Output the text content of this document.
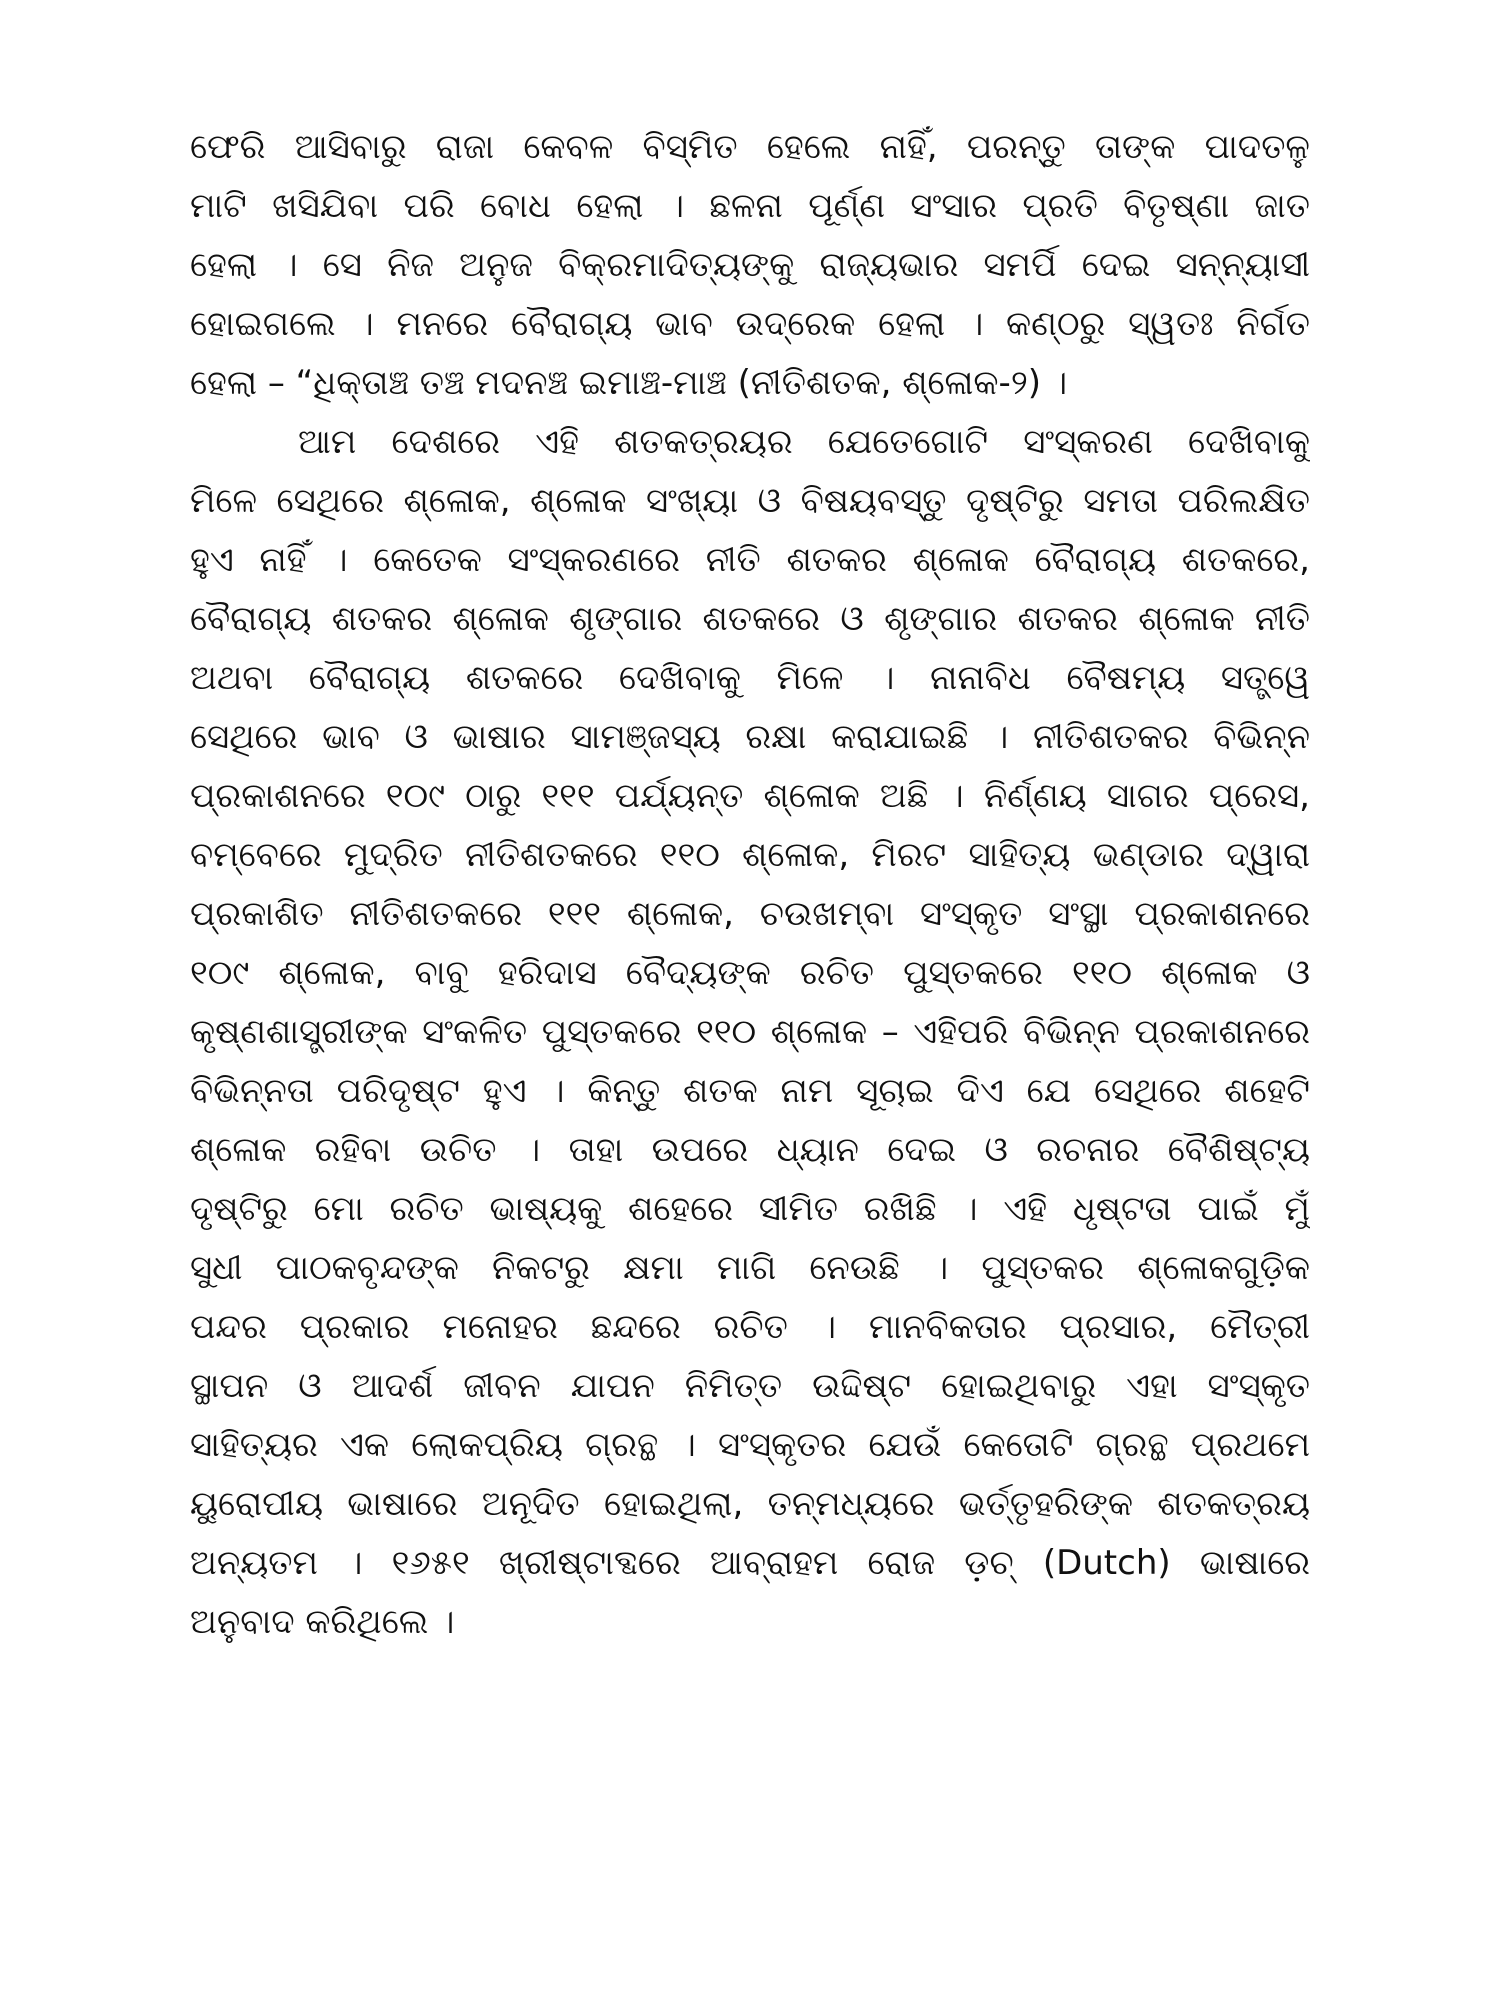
ଫେରି ଆସିବାରୁ ରାଜା କେବଳ ବିସ୍ମିତ ହେଲେ ନାହିଁ, ପରନ୍ତୁ ତାଙ୍କ ପାଦତଳୁ
ମାଟି ଖସିଯିବା ପରି ବୋଧ ହେଲା । ଛଳନା ପୂର୍ଣ୍ଣ ସଂସାର ପ୍ରତି ବିତୃଷ୍ଣା ଜାତ
ହେଲା । ସେ ନିଜ ଅନୁଜ ବିକ୍ରମାଦିତ୍ୟଙ୍କୁ ରାଜ୍ୟଭାର ସମର୍ପି ଦେଇ ସନ୍ନ୍ୟାସୀ
ହୋଇଗଲେ । ମନରେ ବୈରାଗ୍ୟ ଭାବ ଉଦ୍ରେକ ହେଲା । କଣ୍ଠରୁ ସ୍ୱତଃ ନିର୍ଗତ
ହେଲା – “ଧିକ୍‌ତାଞ୍ଚ ତଞ୍ଚ ମଦନଞ୍ଚ ଇମାଞ୍ଚ-ମାଞ୍ଚ (ନୀତିଶତକ, ଶ୍ଳୋକ-୨) ।
ଆମ ଦେଶରେ ଏହି ଶତକତ୍ରୟର ଯେତେଗୋଟି ସଂସ୍କରଣ ଦେଖିବାକୁ
ମିଳେ ସେଥିରେ ଶ୍ଳୋକ, ଶ୍ଳୋକ ସଂଖ୍ୟା ଓ ବିଷୟବସ୍ତୁ ଦୃଷ୍ଟିରୁ ସମତା ପରିଲକ୍ଷିତ
ହୁଏ ନାହିଁ । କେତେକ ସଂସ୍କରଣରେ ନୀତି ଶତକର ଶ୍ଳୋକ ବୈରାଗ୍ୟ ଶତକରେ,
ବୈରାଗ୍ୟ ଶତକର ଶ୍ଳୋକ ଶୃଙ୍ଗାର ଶତକରେ ଓ ଶୃଙ୍ଗାର ଶତକର ଶ୍ଳୋକ ନୀତି
ଅଥବା ବୈରାଗ୍ୟ ଶତକରେ ଦେଖିବାକୁ ମିଳେ । ନାନାବିଧ ବୈଷମ୍ୟ ସତ୍ତ୍ୱେ
ସେଥିରେ ଭାବ ଓ ଭାଷାର ସାମଞ୍ଜସ୍ୟ ରକ୍ଷା କରାଯାଇଛି । ନୀତିଶତକର ବିଭିନ୍ନ
ପ୍ରକାଶନରେ ୧୦୯ ଠାରୁ ୧୧୧ ପର୍ଯ୍ୟନ୍ତ ଶ୍ଳୋକ ଅଛି । ନିର୍ଣ୍ଣୟ ସାଗର ପ୍ରେସ,
ବମ୍ବେରେ ମୁଦ୍ରିତ ନୀତିଶତକରେ ୧୧୦ ଶ୍ଳୋକ, ମିରଟ ସାହିତ୍ୟ ଭଣ୍ଡାର ଦ୍ୱାରା
ପ୍ରକାଶିତ ନୀତିଶତକରେ ୧୧୧ ଶ୍ଳୋକ, ଚଉଖମ୍ବା ସଂସ୍କୃତ ସଂସ୍ଥା ପ୍ରକାଶନରେ
୧୦୯ ଶ୍ଳୋକ, ବାବୁ ହରିଦାସ ବୈଦ୍ୟଙ୍କ ରଚିତ ପୁସ୍ତକରେ ୧୧୦ ଶ୍ଳୋକ ଓ
କୃଷ୍ଣଶାସ୍ତ୍ରୀଙ୍କ ସଂକଳିତ ପୁସ୍ତକରେ ୧୧୦ ଶ୍ଳୋକ – ଏହିପରି ବିଭିନ୍ନ ପ୍ରକାଶନରେ
ବିଭିନ୍ନତା ପରିଦୃଷ୍ଟ ହୁଏ । କିନ୍ତୁ ଶତକ ନାମ ସୂଚାଇ ଦିଏ ଯେ ସେଥିରେ ଶହେଟି
ଶ୍ଳୋକ ରହିବା ଉଚିତ । ତାହା ଉପରେ ଧ୍ୟାନ ଦେଇ ଓ ରଚନାର ବୈଶିଷ୍ଟ୍ୟ
ଦୃଷ୍ଟିରୁ ମୋ ରଚିତ ଭାଷ୍ୟକୁ ଶହେରେ ସୀମିତ ରଖିଛି । ଏହି ଧୃଷ୍ଟତା ପାଇଁ ମୁଁ
ସୁଧୀ ପାଠକବୃନ୍ଦଙ୍କ ନିକଟରୁ କ୍ଷମା ମାଗି ନେଉଛି । ପୁସ୍ତକର ଶ୍ଳୋକଗୁଡ଼ିକ
ପନ୍ଦର ପ୍ରକାର ମନୋହର ଛନ୍ଦରେ ରଚିତ । ମାନବିକତାର ପ୍ରସାର, ମୈତ୍ରୀ
ସ୍ଥାପନ ଓ ଆଦର୍ଶ ଜୀବନ ଯାପନ ନିମିତ୍ତ ଉଦ୍ଦିଷ୍ଟ ହୋଇଥିବାରୁ ଏହା ସଂସ୍କୃତ
ସାହିତ୍ୟର ଏକ ଲୋକପ୍ରିୟ ଗ୍ରନ୍ଥ । ସଂସ୍କୃତର ଯେଉଁ କେତୋଟି ଗ୍ରନ୍ଥ ପ୍ରଥମେ
ୟୁରୋପୀୟ ଭାଷାରେ ଅନୂଦିତ ହୋଇଥିଲା, ତନ୍ମଧ୍ୟରେ ଭର୍ତ୍ତୃହରିଙ୍କ ଶତକତ୍ରୟ
ଅନ୍ୟତମ । ୧୬୫୧ ଖ୍ରୀଷ୍ଟାବ୍ଦରେ ଆବ୍ରାହମ ରୋଜ ଡ଼ଚ୍ (Dutch) ଭାଷାରେ
ଅନୁବାଦ କରିଥିଲେ ।
